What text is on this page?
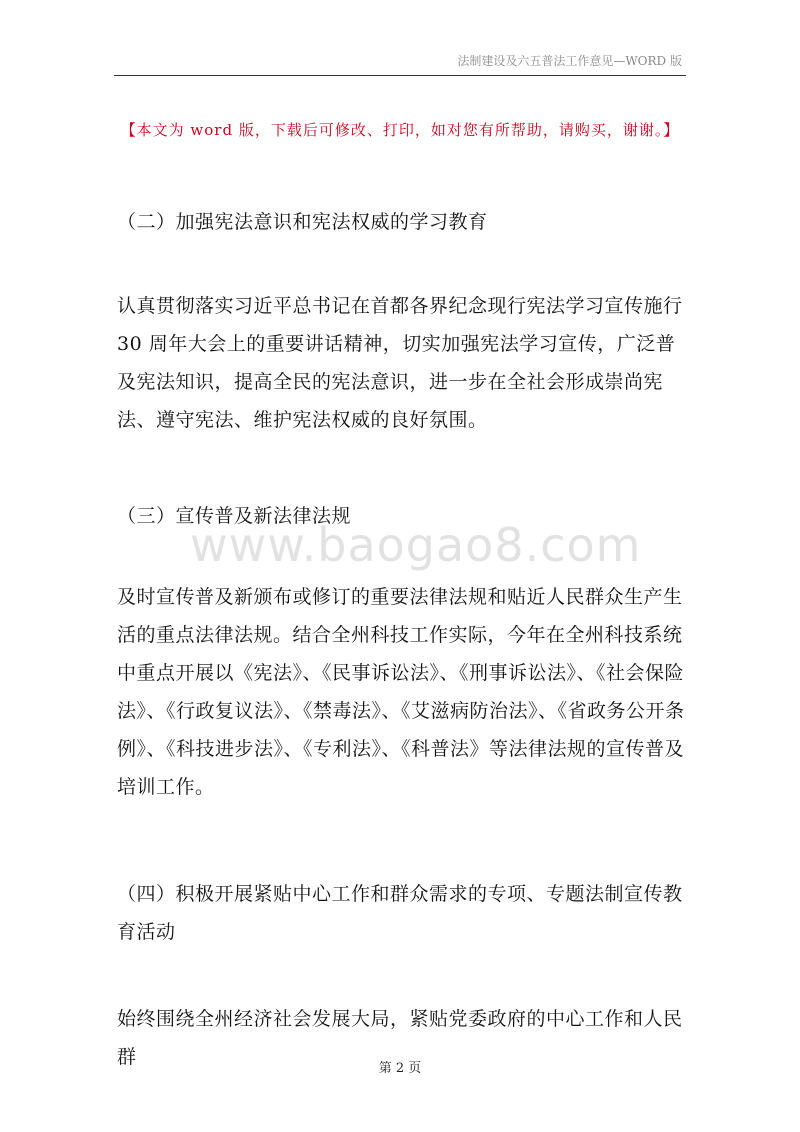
法制建设及六五普法工作意见—WORD 版
【本文为 word 版，下载后可修改、打印，如对您有所帮助，请购买，谢谢。】

（二）加强宪法意识和宪法权威的学习教育

认真贯彻落实习近平总书记在首都各界纪念现行宪法学习宣传施行 30 周年大会上的重要讲话精神，切实加强宪法学习宣传，广泛普及宪法知识，提高全民的宪法意识，进一步在全社会形成崇尚宪法、遵守宪法、维护宪法权威的良好氛围。

（三）宣传普及新法律法规

www.baogao8.com

及时宣传普及新颁布或修订的重要法律法规和贴近人民群众生产生活的重点法律法规。结合全州科技工作实际，今年在全州科技系统中重点开展以《宪法》、《民事诉讼法》、《刑事诉讼法》、《社会保险法》、《行政复议法》、《禁毒法》、《艾滋病防治法》、《省政务公开条例》、《科技进步法》、《专利法》、《科普法》等法律法规的宣传普及培训工作。

（四）积极开展紧贴中心工作和群众需求的专项、专题法制宣传教育活动

始终围绕全州经济社会发展大局，紧贴党委政府的中心工作和人民群

第 2 页
